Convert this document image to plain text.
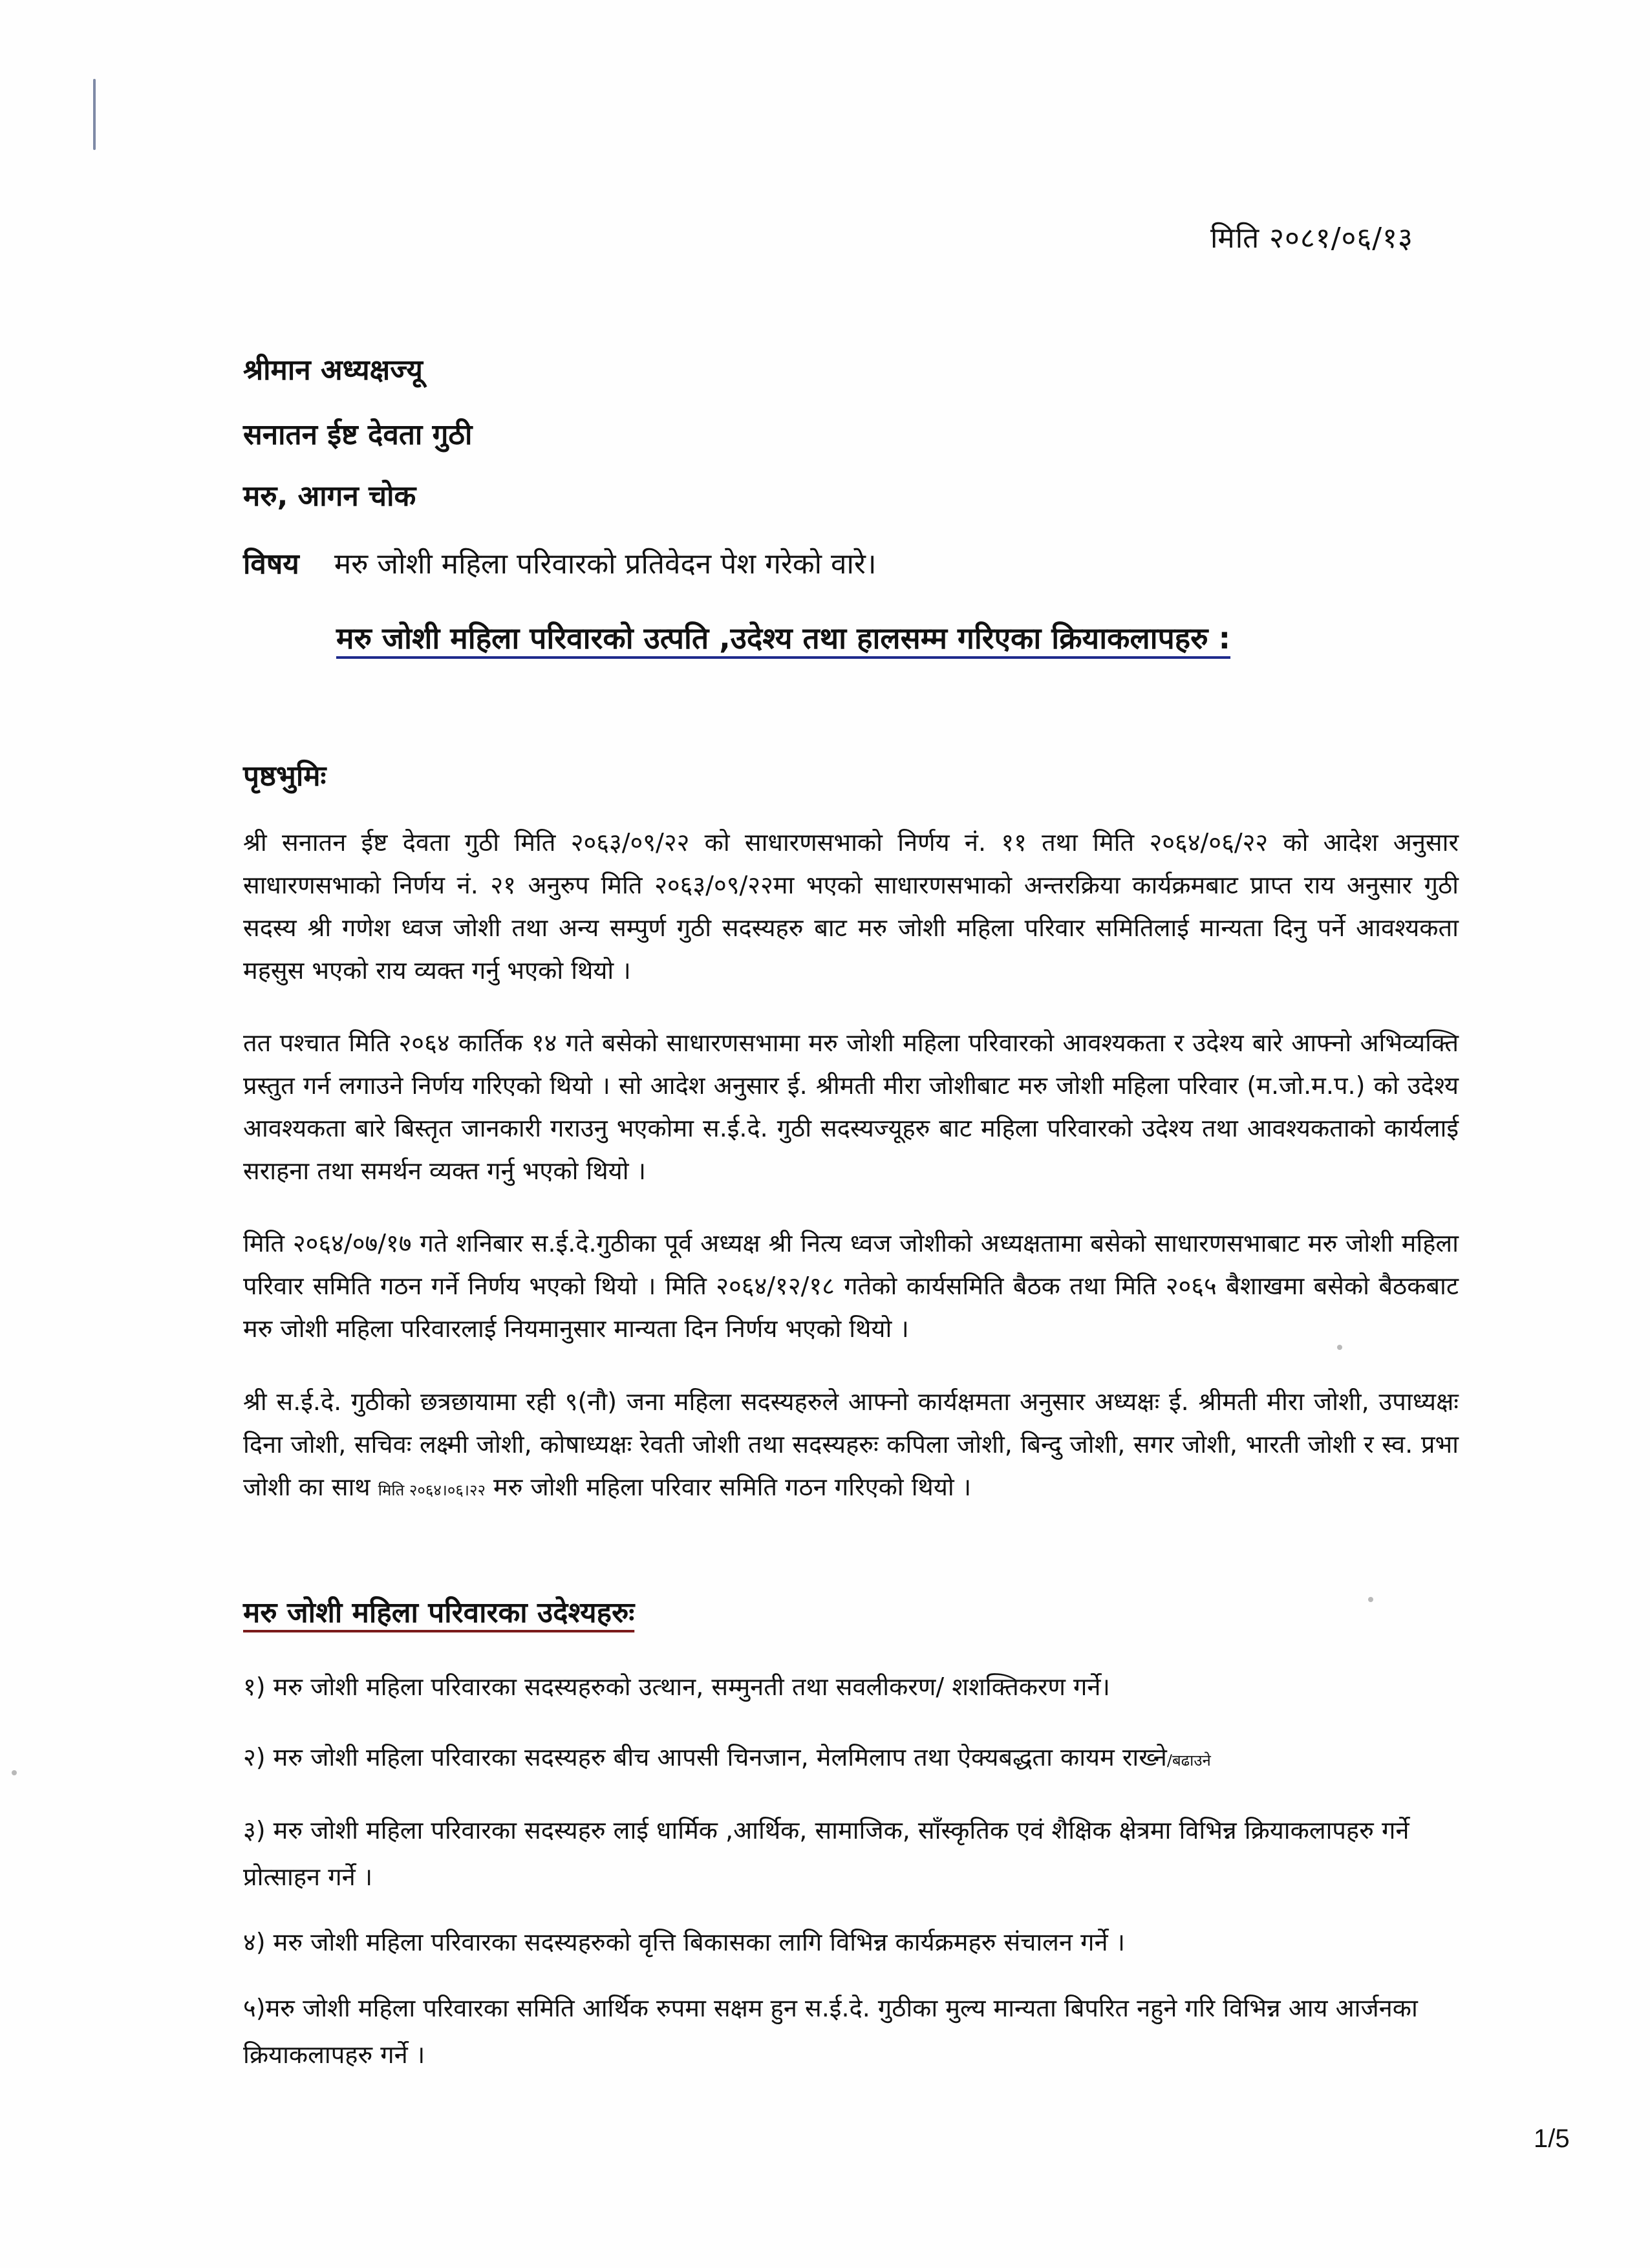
मिति २०८१/०६/१३
श्रीमान अध्यक्षज्यू
सनातन ईष्ट देवता गुठी
मरु, आगन चोक
विषय मरु जोशी महिला परिवारको प्रतिवेदन पेश गरेको वारे।
मरु जोशी महिला परिवारको उत्पति ,उदेश्य तथा हालसम्म गरिएका क्रियाकलापहरु :
पृष्ठभुमिः
श्री सनातन ईष्ट देवता गुठी मिति २०६३/०९/२२ को साधारणसभाको निर्णय नं. ११ तथा मिति २०६४/०६/२२ को आदेश अनुसार साधारणसभाको निर्णय नं. २१ अनुरुप मिति २०६३/०९/२२मा भएको साधारणसभाको अन्तरक्रिया कार्यक्रमबाट प्राप्त राय अनुसार गुठी सदस्य श्री गणेश ध्वज जोशी तथा अन्य सम्पुर्ण गुठी सदस्यहरु बाट मरु जोशी महिला परिवार समितिलाई मान्यता दिनु पर्ने आवश्यकता महसुस भएको राय व्यक्त गर्नु भएको थियो ।
तत पश्चात मिति २०६४ कार्तिक १४ गते बसेको साधारणसभामा मरु जोशी महिला परिवारको आवश्यकता र उदेश्य बारे आफ्नो अभिव्यक्ति प्रस्तुत गर्न लगाउने निर्णय गरिएको थियो । सो आदेश अनुसार ई. श्रीमती मीरा जोशीबाट मरु जोशी महिला परिवार (म.जो.म.प.) को उदेश्य आवश्यकता बारे बिस्तृत जानकारी गराउनु भएकोमा स.ई.दे. गुठी सदस्यज्यूहरु बाट महिला परिवारको उदेश्य तथा आवश्यकताको कार्यलाई सराहना तथा समर्थन व्यक्त गर्नु भएको थियो ।
मिति २०६४/०७/१७ गते शनिबार स.ई.दे.गुठीका पूर्व अध्यक्ष श्री नित्य ध्वज जोशीको अध्यक्षतामा बसेको साधारणसभाबाट मरु जोशी महिला परिवार समिति गठन गर्ने निर्णय भएको थियो । मिति २०६४/१२/१८ गतेको कार्यसमिति बैठक तथा मिति २०६५ बैशाखमा बसेको बैठकबाट मरु जोशी महिला परिवारलाई नियमानुसार मान्यता दिन निर्णय भएको थियो ।
श्री स.ई.दे. गुठीको छत्रछायामा रही ९(नौ) जना महिला सदस्यहरुले आफ्नो कार्यक्षमता अनुसार अध्यक्षः ई. श्रीमती मीरा जोशी, उपाध्यक्षः दिना जोशी, सचिवः लक्ष्मी जोशी, कोषाध्यक्षः रेवती जोशी तथा सदस्यहरुः कपिला जोशी, बिन्दु जोशी, सगर जोशी, भारती जोशी र स्व. प्रभा जोशी का साथ मिति २०६४।०६।२२ मरु जोशी महिला परिवार समिति गठन गरिएको थियो ।
मरु जोशी महिला परिवारका उदेश्यहरुः
१) मरु जोशी महिला परिवारका सदस्यहरुको उत्थान, सम्मुनती तथा सवलीकरण/ शशक्तिकरण गर्ने।
२) मरु जोशी महिला परिवारका सदस्यहरु बीच आपसी चिनजान, मेलमिलाप तथा ऐक्यबद्धता कायम राख्ने/बढाउने
३) मरु जोशी महिला परिवारका सदस्यहरु लाई धार्मिक ,आर्थिक, सामाजिक, साँस्कृतिक एवं शैक्षिक क्षेत्रमा विभिन्न क्रियाकलापहरु गर्ने प्रोत्साहन गर्ने ।
४) मरु जोशी महिला परिवारका सदस्यहरुको वृत्ति बिकासका लागि विभिन्न कार्यक्रमहरु संचालन गर्ने ।
५)मरु जोशी महिला परिवारका समिति आर्थिक रुपमा सक्षम हुन स.ई.दे. गुठीका मुल्य मान्यता बिपरित नहुने गरि विभिन्न आय आर्जनका क्रियाकलापहरु गर्ने ।
1/5
